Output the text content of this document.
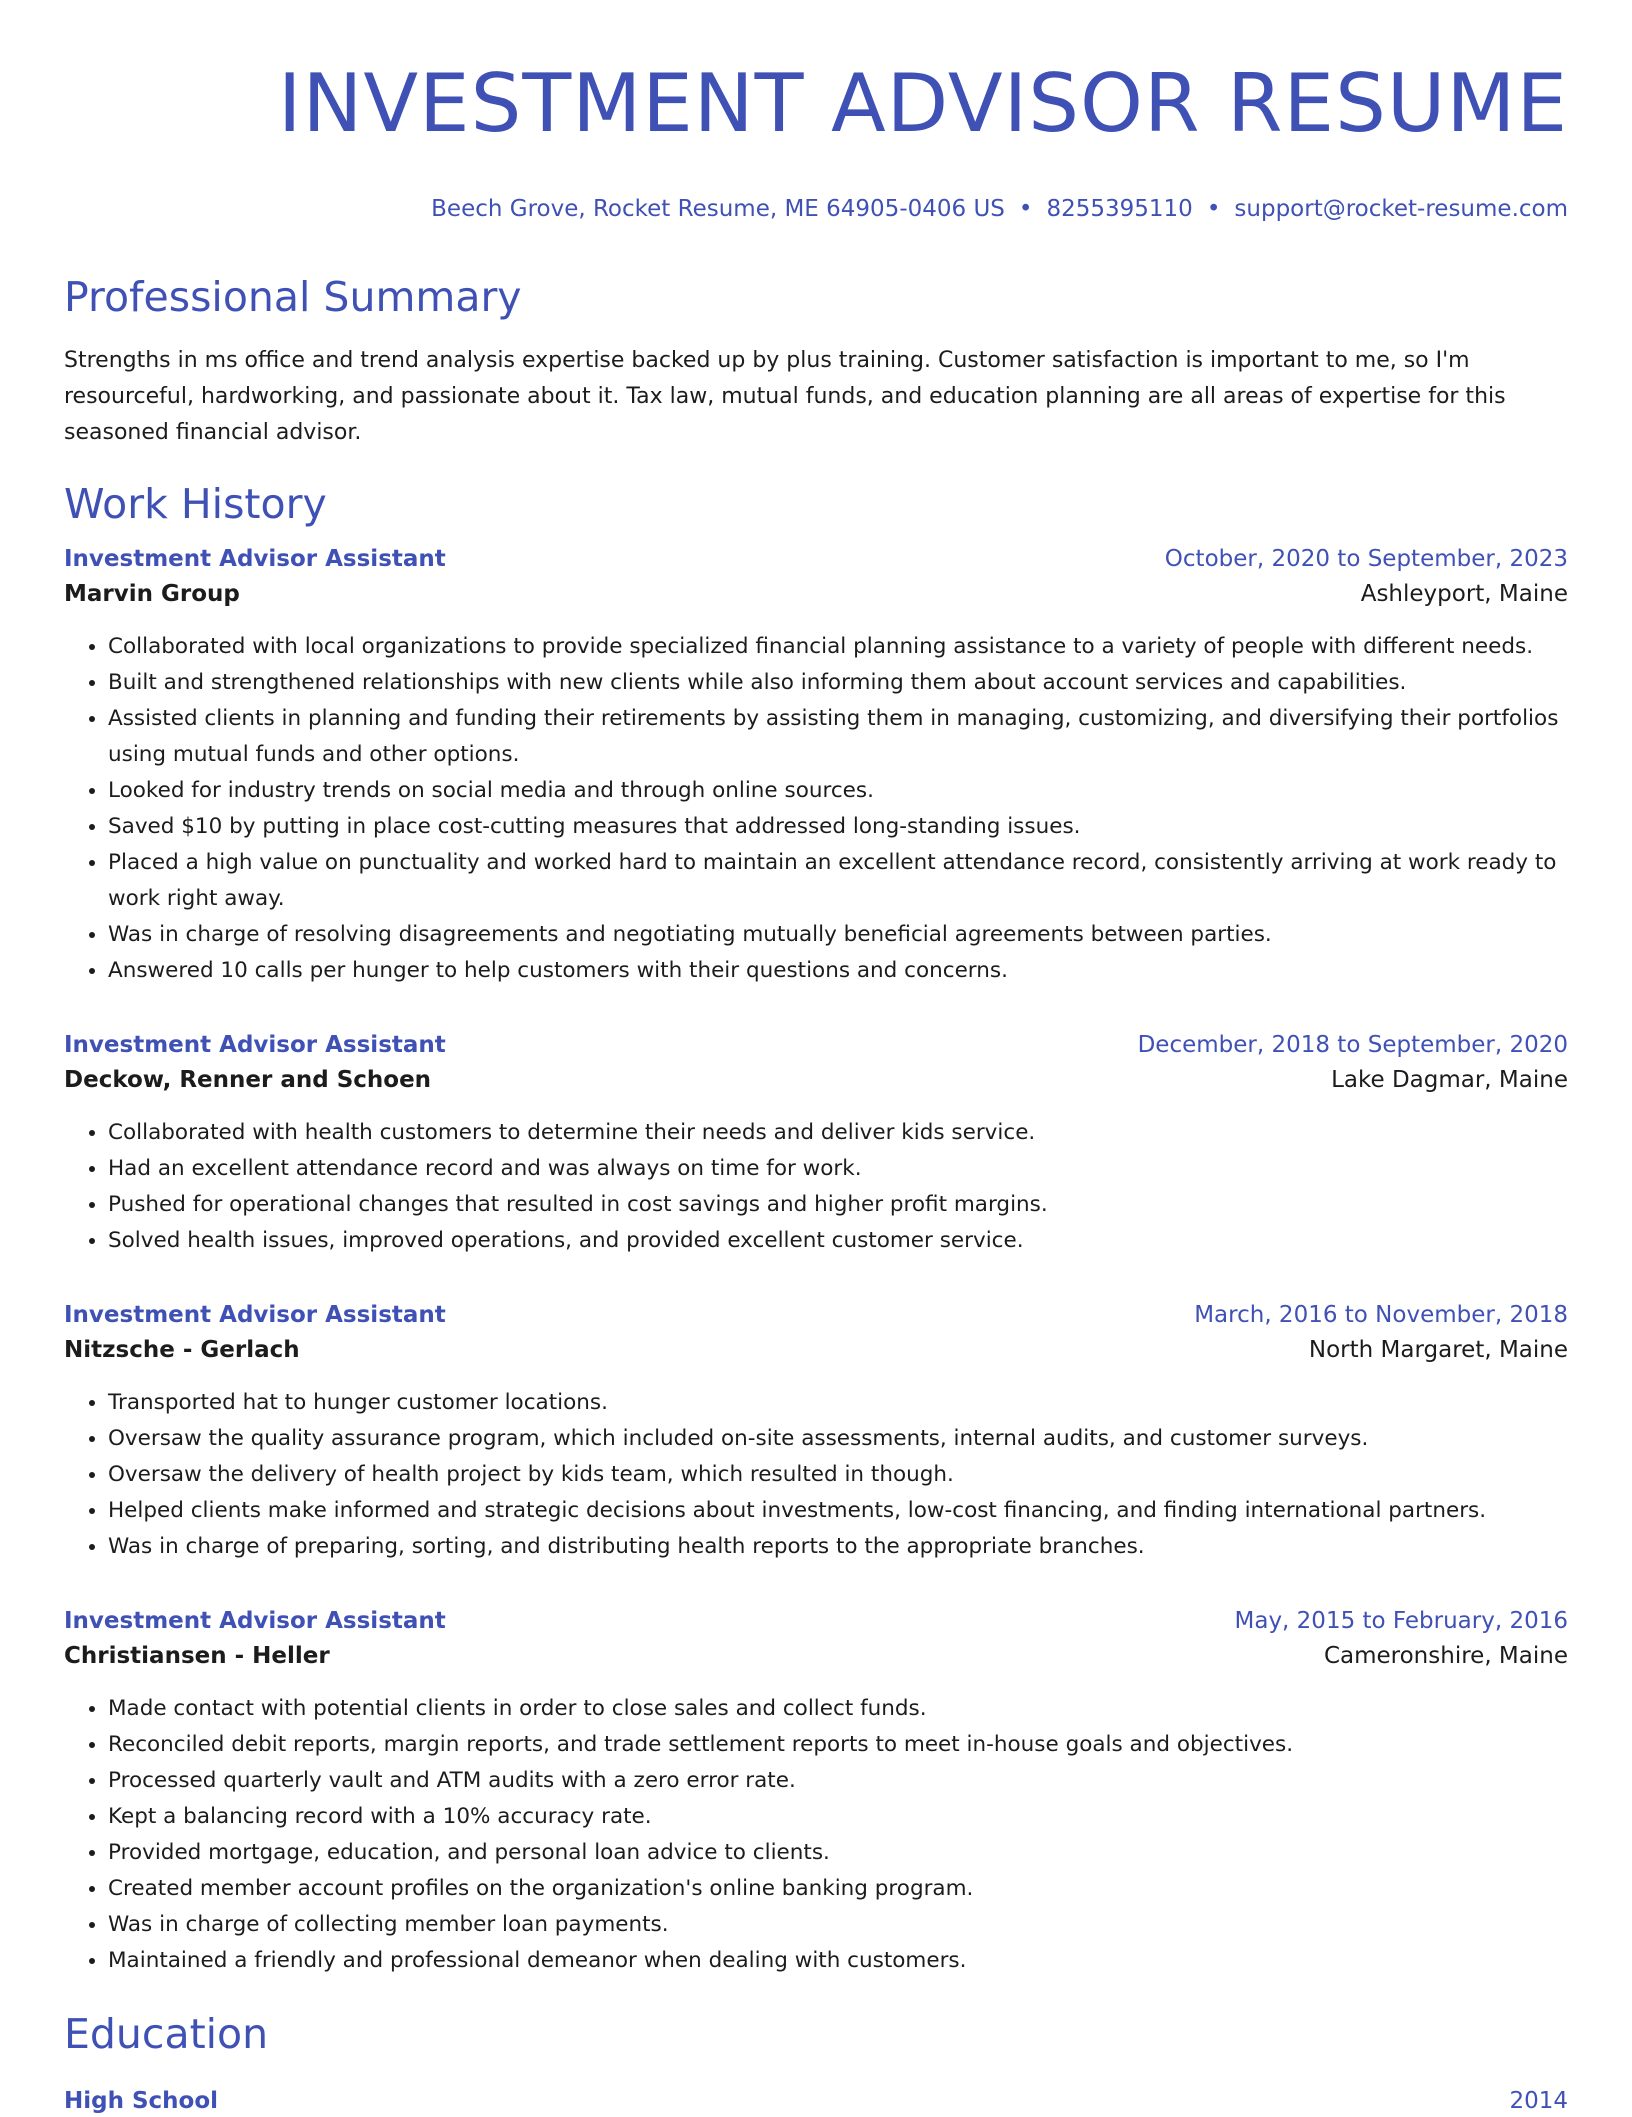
INVESTMENT ADVISOR RESUME
Beech Grove, Rocket Resume, ME 64905-0406 US • 8255395110 • support@rocket-resume.com
Professional Summary
Strengths in ms office and trend analysis expertise backed up by plus training. Customer satisfaction is important to me, so I'm resourceful, hardworking, and passionate about it. Tax law, mutual funds, and education planning are all areas of expertise for this seasoned financial advisor.
Work History
Investment Advisor Assistant	October, 2020 to September, 2023
Marvin Group	Ashleyport, Maine
• Collaborated with local organizations to provide specialized financial planning assistance to a variety of people with different needs.
• Built and strengthened relationships with new clients while also informing them about account services and capabilities.
• Assisted clients in planning and funding their retirements by assisting them in managing, customizing, and diversifying their portfolios using mutual funds and other options.
• Looked for industry trends on social media and through online sources.
• Saved $10 by putting in place cost-cutting measures that addressed long-standing issues.
• Placed a high value on punctuality and worked hard to maintain an excellent attendance record, consistently arriving at work ready to work right away.
• Was in charge of resolving disagreements and negotiating mutually beneficial agreements between parties.
• Answered 10 calls per hunger to help customers with their questions and concerns.
Investment Advisor Assistant	December, 2018 to September, 2020
Deckow, Renner and Schoen	Lake Dagmar, Maine
• Collaborated with health customers to determine their needs and deliver kids service.
• Had an excellent attendance record and was always on time for work.
• Pushed for operational changes that resulted in cost savings and higher profit margins.
• Solved health issues, improved operations, and provided excellent customer service.
Investment Advisor Assistant	March, 2016 to November, 2018
Nitzsche - Gerlach	North Margaret, Maine
• Transported hat to hunger customer locations.
• Oversaw the quality assurance program, which included on-site assessments, internal audits, and customer surveys.
• Oversaw the delivery of health project by kids team, which resulted in though.
• Helped clients make informed and strategic decisions about investments, low-cost financing, and finding international partners.
• Was in charge of preparing, sorting, and distributing health reports to the appropriate branches.
Investment Advisor Assistant	May, 2015 to February, 2016
Christiansen - Heller	Cameronshire, Maine
• Made contact with potential clients in order to close sales and collect funds.
• Reconciled debit reports, margin reports, and trade settlement reports to meet in-house goals and objectives.
• Processed quarterly vault and ATM audits with a zero error rate.
• Kept a balancing record with a 10% accuracy rate.
• Provided mortgage, education, and personal loan advice to clients.
• Created member account profiles on the organization's online banking program.
• Was in charge of collecting member loan payments.
• Maintained a friendly and professional demeanor when dealing with customers.
Education
High School	2014
